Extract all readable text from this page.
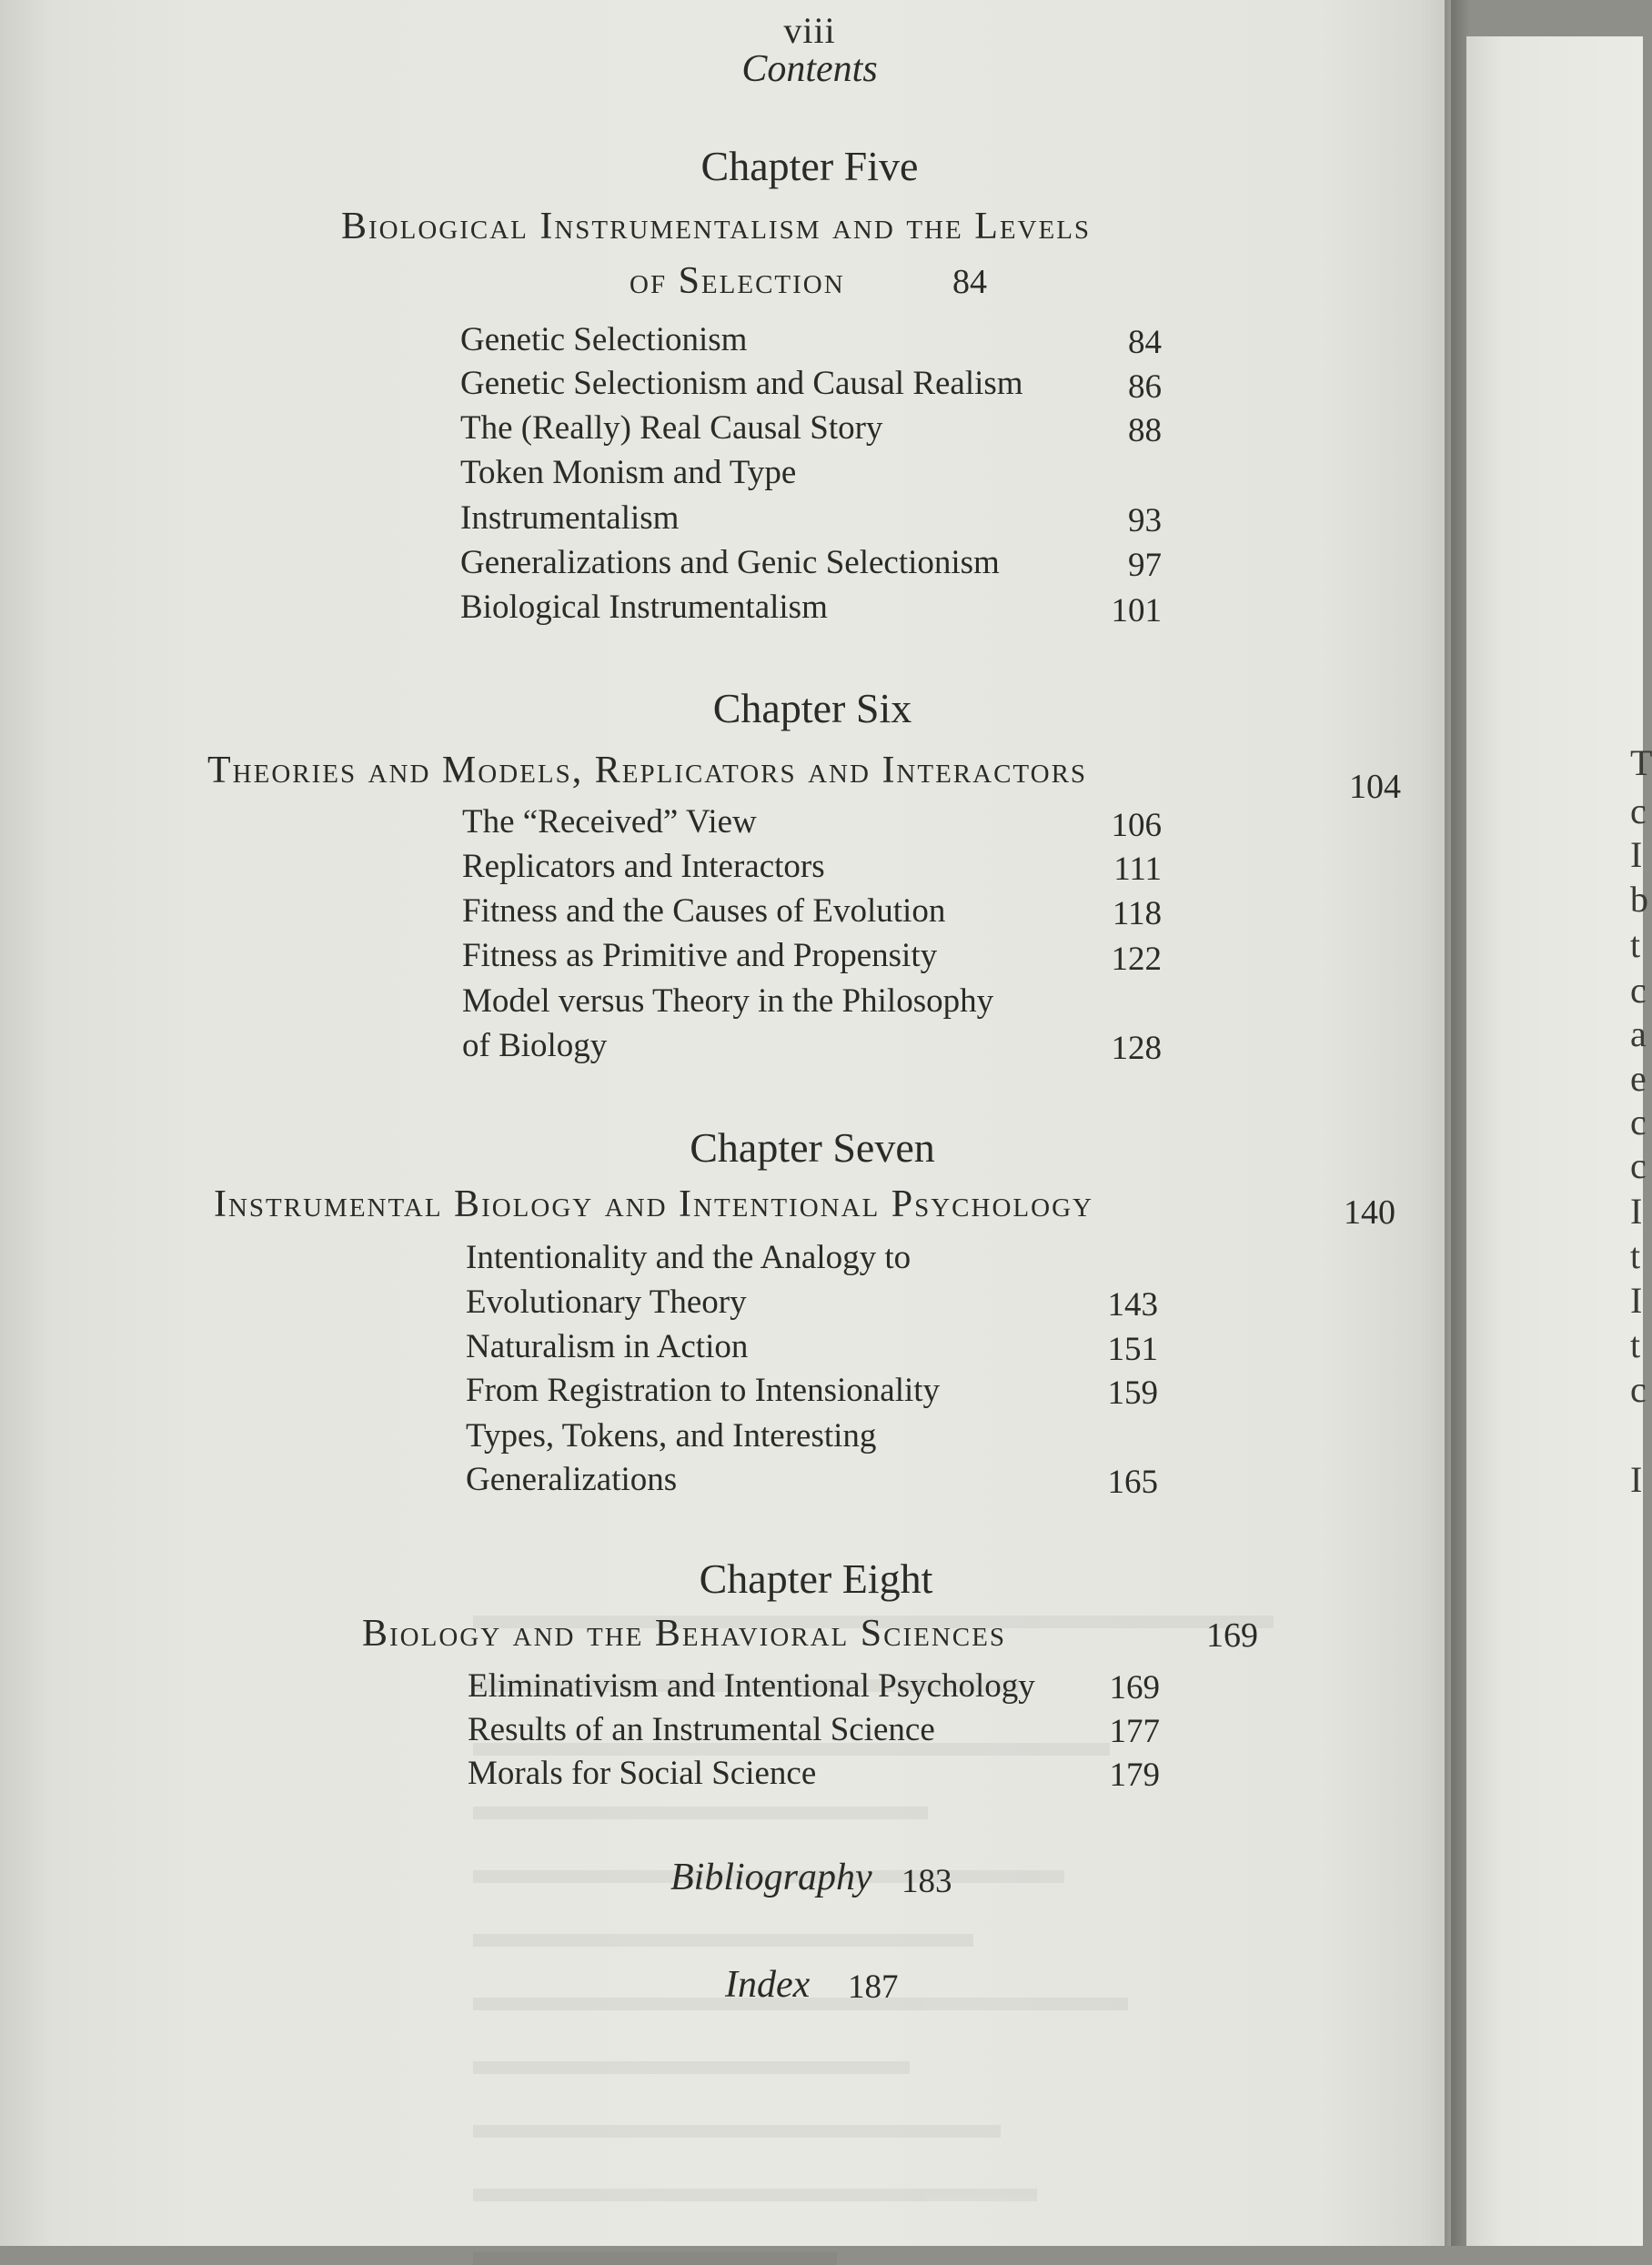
T
c
I
b
t
c
a
e
c
c
I
t
I
t
c
I
viii
Contents
Chapter Five
Biological Instrumentalism and the Levels
of Selection	84
Genetic Selectionism	84
Genetic Selectionism and Causal Realism	86
The (Really) Real Causal Story	88
Token Monism and Type
Instrumentalism	93
Generalizations and Genic Selectionism	97
Biological Instrumentalism	101
Chapter Six
Theories and Models, Replicators and Interactors	104
The “Received” View	106
Replicators and Interactors	111
Fitness and the Causes of Evolution	118
Fitness as Primitive and Propensity	122
Model versus Theory in the Philosophy
of Biology	128
Chapter Seven
Instrumental Biology and Intentional Psychology	140
Intentionality and the Analogy to
Evolutionary Theory	143
Naturalism in Action	151
From Registration to Intensionality	159
Types, Tokens, and Interesting
Generalizations	165
Chapter Eight
Biology and the Behavioral Sciences	169
Eliminativism and Intentional Psychology	169
Results of an Instrumental Science	177
Morals for Social Science	179
Bibliography 183
Index 187
